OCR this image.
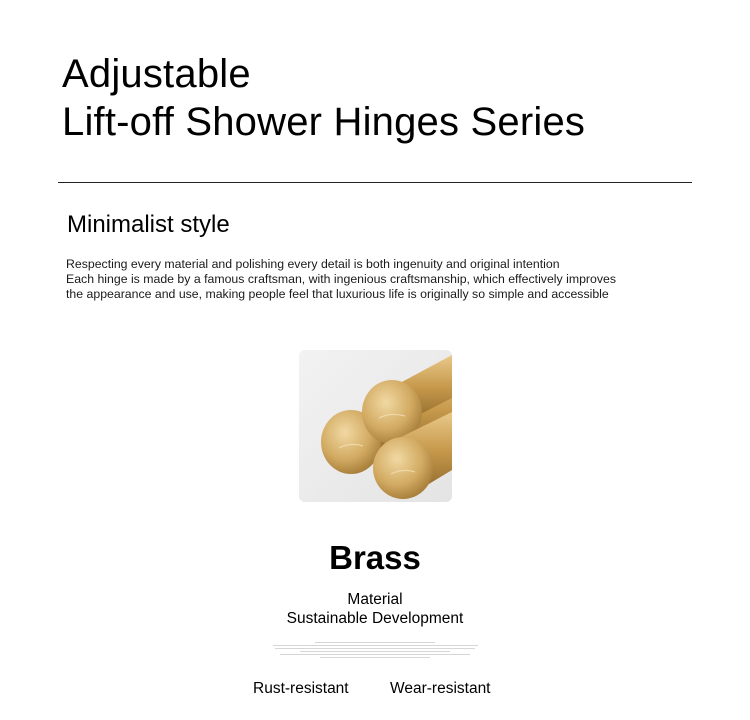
Adjustable
Lift-off Shower Hinges Series
Minimalist style

Respecting every material and polishing every detail is both ingenuity and original intention
Each hinge is made by a famous craftsman, with ingenious craftsmanship, which effectively improves
the appearance and use, making people feel that luxurious life is originally so simple and accessible

Brass
Material
Sustainable Development
Rust-resistant	Wear-resistant
